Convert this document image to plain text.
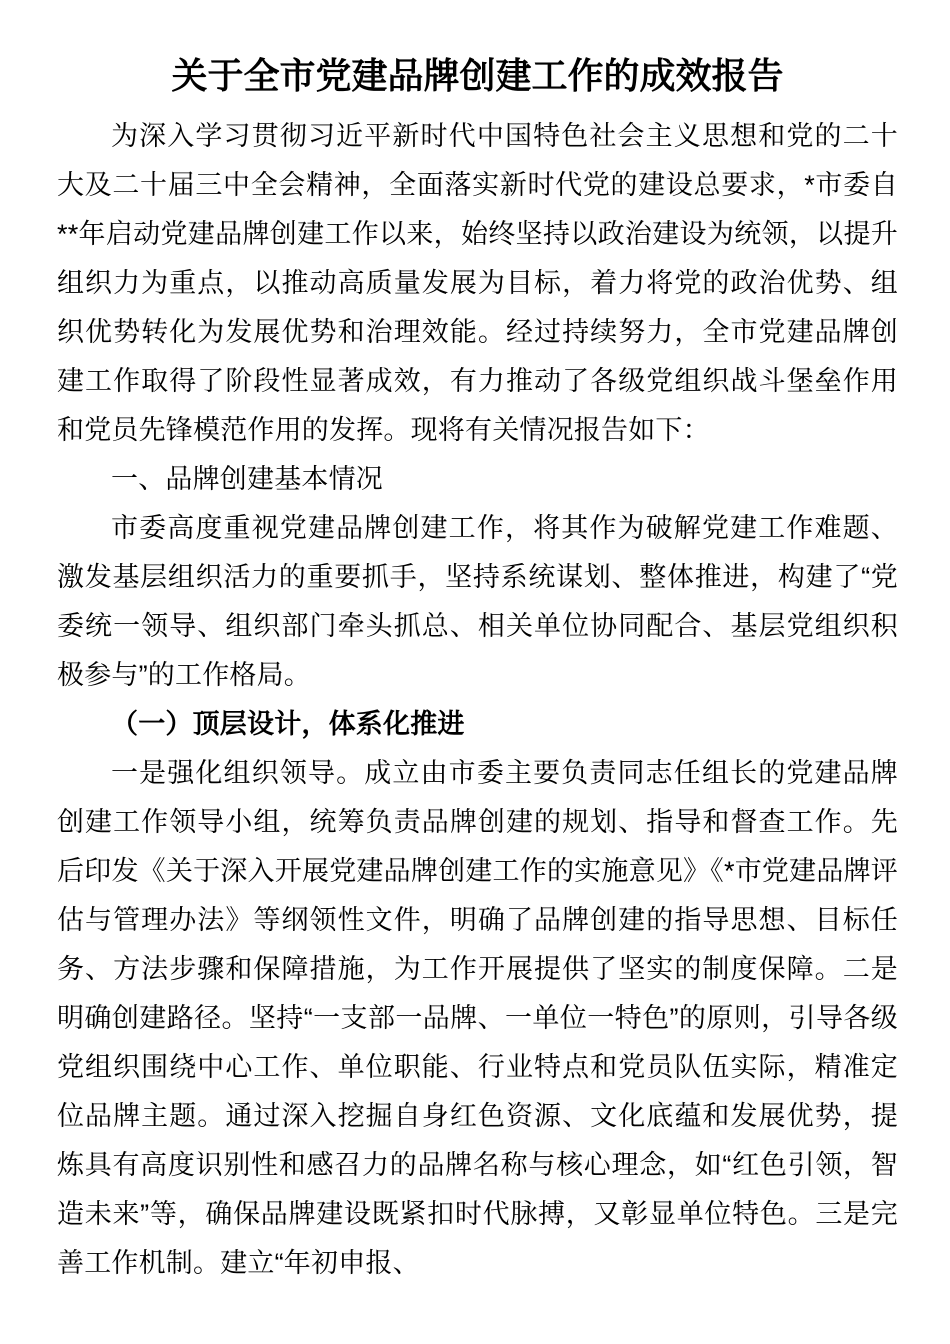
关于全市党建品牌创建工作的成效报告

为深入学习贯彻习近平新时代中国特色社会主义思想和党的二十大及二十届三中全会精神，全面落实新时代党的建设总要求，*市委自**年启动党建品牌创建工作以来，始终坚持以政治建设为统领，以提升组织力为重点，以推动高质量发展为目标，着力将党的政治优势、组织优势转化为发展优势和治理效能。经过持续努力，全市党建品牌创建工作取得了阶段性显著成效，有力推动了各级党组织战斗堡垒作用和党员先锋模范作用的发挥。现将有关情况报告如下：

一、品牌创建基本情况

市委高度重视党建品牌创建工作，将其作为破解党建工作难题、激发基层组织活力的重要抓手，坚持系统谋划、整体推进，构建了“党委统一领导、组织部门牵头抓总、相关单位协同配合、基层党组织积极参与”的工作格局。

（一）顶层设计，体系化推进

一是强化组织领导。成立由市委主要负责同志任组长的党建品牌创建工作领导小组，统筹负责品牌创建的规划、指导和督查工作。先后印发《关于深入开展党建品牌创建工作的实施意见》《*市党建品牌评估与管理办法》等纲领性文件，明确了品牌创建的指导思想、目标任务、方法步骤和保障措施，为工作开展提供了坚实的制度保障。二是明确创建路径。坚持“一支部一品牌、一单位一特色”的原则，引导各级党组织围绕中心工作、单位职能、行业特点和党员队伍实际，精准定位品牌主题。通过深入挖掘自身红色资源、文化底蕴和发展优势，提炼具有高度识别性和感召力的品牌名称与核心理念，如“红色引领，智造未来”等，确保品牌建设既紧扣时代脉搏，又彰显单位特色。三是完善工作机制。建立“年初申报、
